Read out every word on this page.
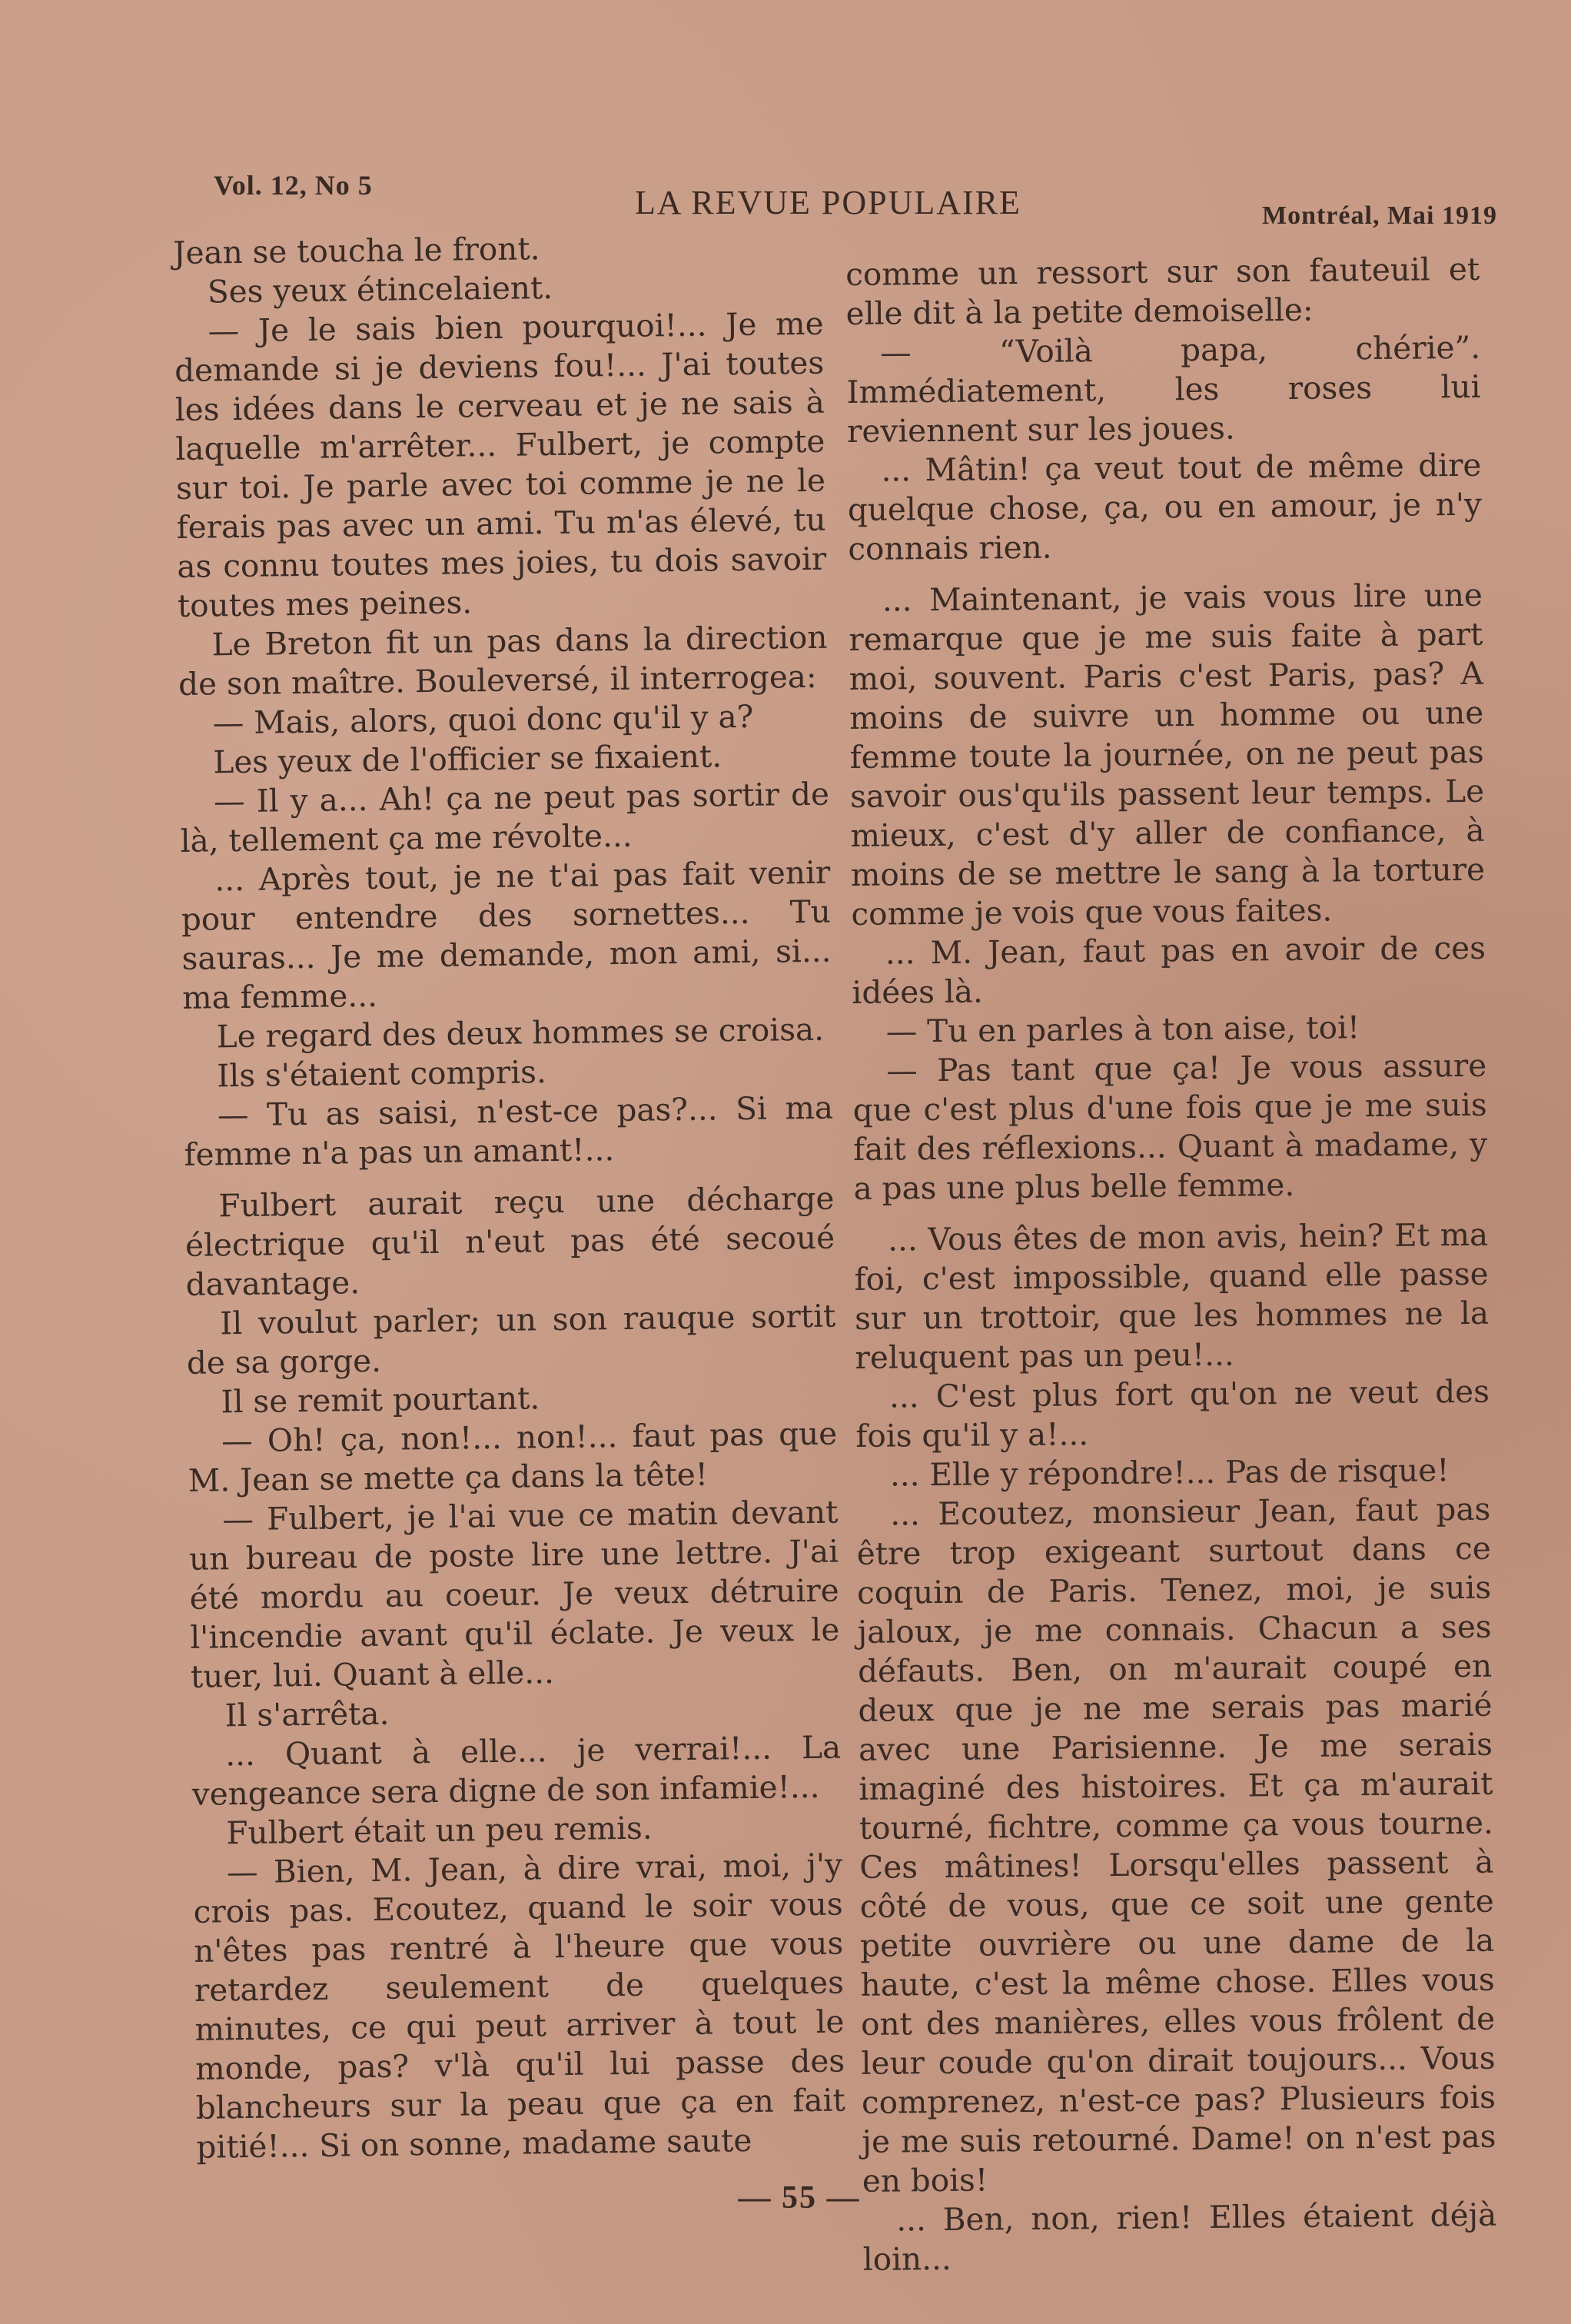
Vol. 12, No 5	LA REVUE POPULAIRE	Montréal, Mai 1919

Jean se toucha le front.

Ses yeux étincelaient.

— Je le sais bien pourquoi!... Je me demande si je deviens fou!... J'ai toutes les idées dans le cerveau et je ne sais à laquelle m'arrêter... Fulbert, je compte sur toi. Je parle avec toi comme je ne le ferais pas avec un ami. Tu m'as élevé, tu as connu toutes mes joies, tu dois savoir toutes mes peines.

Le Breton fit un pas dans la direction de son maître. Bouleversé, il interrogea:

— Mais, alors, quoi donc qu'il y a?

Les yeux de l'officier se fixaient.

— Il y a... Ah! ça ne peut pas sortir de là, tellement ça me révolte...

... Après tout, je ne t'ai pas fait venir pour entendre des sornettes... Tu sauras... Je me demande, mon ami, si... ma femme...

Le regard des deux hommes se croisa.

Ils s'étaient compris.

— Tu as saisi, n'est-ce pas?... Si ma femme n'a pas un amant!...

Fulbert aurait reçu une décharge électrique qu'il n'eut pas été secoué davantage.

Il voulut parler; un son rauque sortit de sa gorge.

Il se remit pourtant.

— Oh! ça, non!... non!... faut pas que M. Jean se mette ça dans la tête!

— Fulbert, je l'ai vue ce matin devant un bureau de poste lire une lettre. J'ai été mordu au coeur. Je veux détruire l'incendie avant qu'il éclate. Je veux le tuer, lui. Quant à elle...

Il s'arrêta.

... Quant à elle... je verrai!... La vengeance sera digne de son infamie!...

Fulbert était un peu remis.

— Bien, M. Jean, à dire vrai, moi, j'y crois pas. Ecoutez, quand le soir vous n'êtes pas rentré à l'heure que vous retardez seulement de quelques minutes, ce qui peut arriver à tout le monde, pas? v'là qu'il lui passe des blancheurs sur la peau que ça en fait pitié!... Si on sonne, madame saute

comme un ressort sur son fauteuil et elle dit à la petite demoiselle:

— “Voilà papa, chérie”. Immédiatement, les roses lui reviennent sur les joues.

... Mâtin! ça veut tout de même dire quelque chose, ça, ou en amour, je n'y connais rien.

... Maintenant, je vais vous lire une remarque que je me suis faite à part moi, souvent. Paris c'est Paris, pas? A moins de suivre un homme ou une femme toute la journée, on ne peut pas savoir ous'qu'ils passent leur temps. Le mieux, c'est d'y aller de confiance, à moins de se mettre le sang à la torture comme je vois que vous faites.

... M. Jean, faut pas en avoir de ces idées là.

— Tu en parles à ton aise, toi!

— Pas tant que ça! Je vous assure que c'est plus d'une fois que je me suis fait des réflexions... Quant à madame, y a pas une plus belle femme.

... Vous êtes de mon avis, hein? Et ma foi, c'est impossible, quand elle passe sur un trottoir, que les hommes ne la reluquent pas un peu!...

... C'est plus fort qu'on ne veut des fois qu'il y a!...

... Elle y répondre!... Pas de risque!

... Ecoutez, monsieur Jean, faut pas être trop exigeant surtout dans ce coquin de Paris. Tenez, moi, je suis jaloux, je me connais. Chacun a ses défauts. Ben, on m'aurait coupé en deux que je ne me serais pas marié avec une Parisienne. Je me serais imaginé des histoires. Et ça m'aurait tourné, fichtre, comme ça vous tourne. Ces mâtines! Lorsqu'elles passent à côté de vous, que ce soit une gente petite ouvrière ou une dame de la haute, c'est la même chose. Elles vous ont des manières, elles vous frôlent de leur coude qu'on dirait toujours... Vous comprenez, n'est-ce pas? Plusieurs fois je me suis retourné. Dame! on n'est pas en bois!

... Ben, non, rien! Elles étaient déjà loin...

— 55 —
